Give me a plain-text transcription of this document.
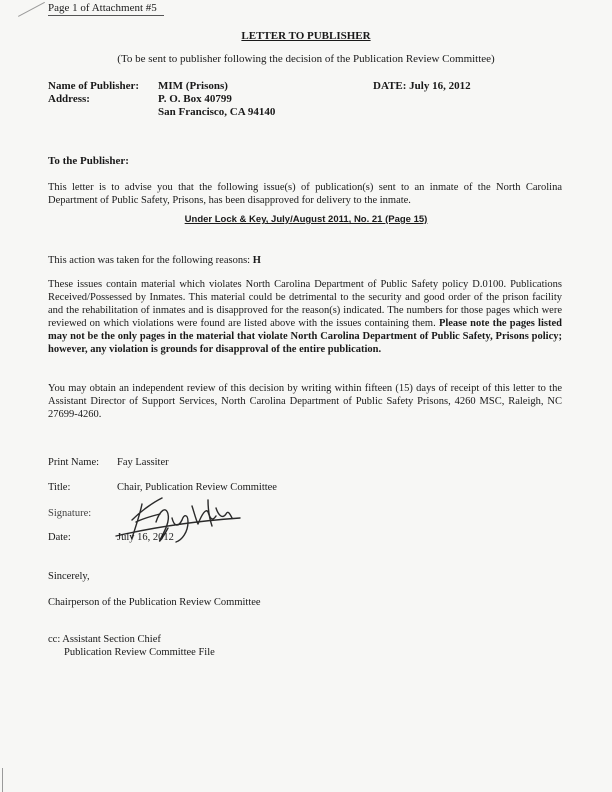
Page 1 of Attachment #5
LETTER TO PUBLISHER
(To be sent to publisher following the decision of the Publication Review Committee)
Name of Publisher:
Address:
MIM (Prisons)
P. O. Box 40799
San Francisco, CA 94140
DATE: July 16, 2012
To the Publisher:
This letter is to advise you that the following issue(s) of publication(s) sent to an inmate of the North Carolina Department of Public Safety, Prisons, has been disapproved for delivery to the inmate.
Under Lock & Key, July/August 2011, No. 21 (Page 15)
This action was taken for the following reasons: H
These issues contain material which violates North Carolina Department of Public Safety policy D.0100. Publications Received/Possessed by Inmates. This material could be detrimental to the security and good order of the prison facility and the rehabilitation of inmates and is disapproved for the reason(s) indicated. The numbers for those pages which were reviewed on which violations were found are listed above with the issues containing them. Please note the pages listed may not be the only pages in the material that violate North Carolina Department of Public Safety, Prisons policy; however, any violation is grounds for disapproval of the entire publication.
You may obtain an independent review of this decision by writing within fifteen (15) days of receipt of this letter to the Assistant Director of Support Services, North Carolina Department of Public Safety Prisons, 4260 MSC, Raleigh, NC 27699-4260.
Print Name: Fay Lassiter
Title:	Chair, Publication Review Committee
Signature:
Date:	July 16, 2012
Sincerely,
Chairperson of the Publication Review Committee
cc: Assistant Section Chief
Publication Review Committee File
